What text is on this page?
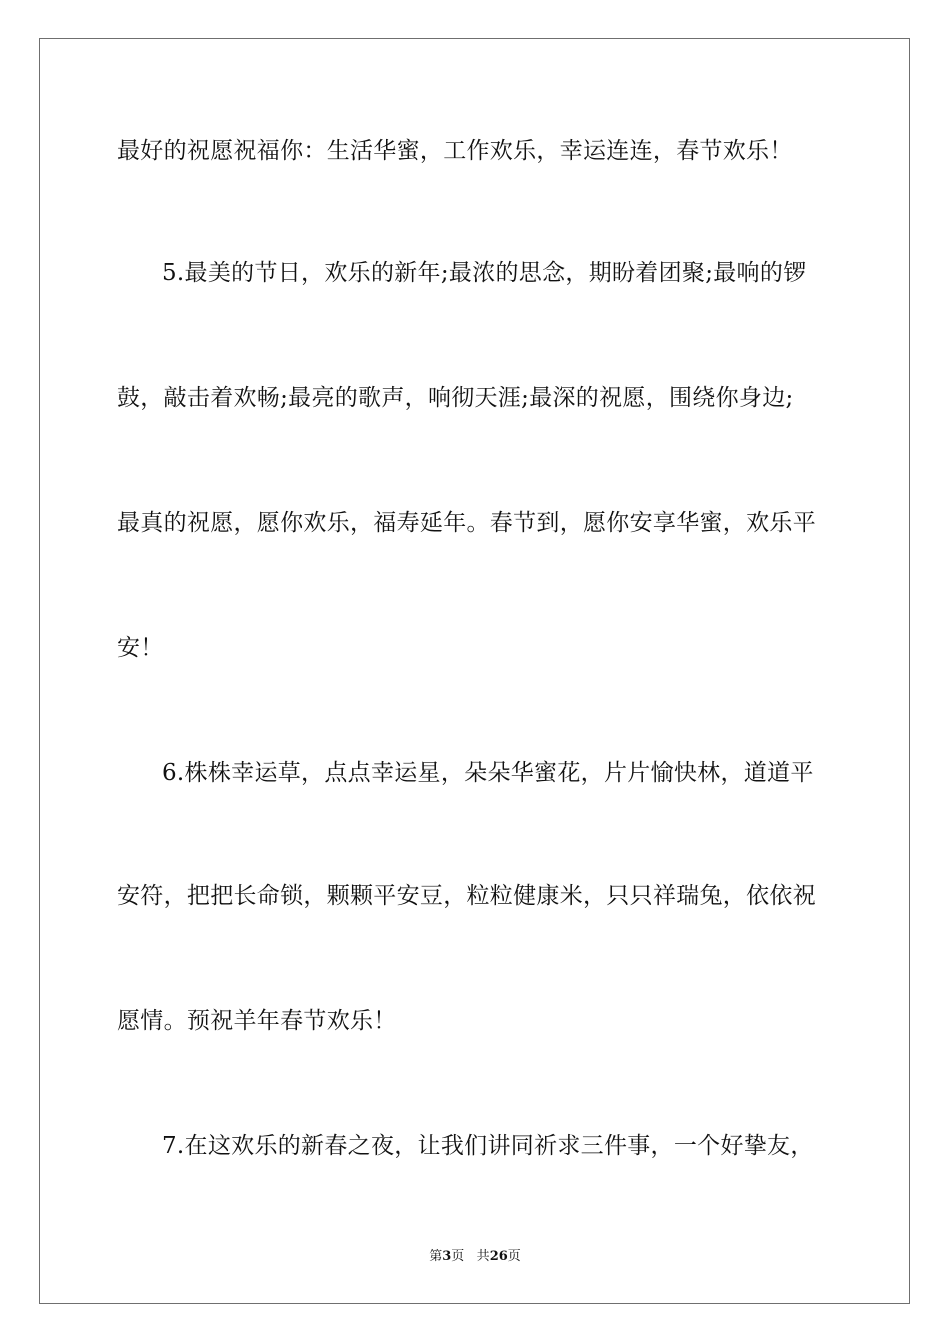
最好的祝愿祝福你：生活华蜜，工作欢乐，幸运连连，春节欢乐！
5.最美的节日，欢乐的新年;最浓的思念，期盼着团聚;最响的锣
鼓，敲击着欢畅;最亮的歌声，响彻天涯;最深的祝愿，围绕你身边;
最真的祝愿，愿你欢乐，福寿延年。春节到，愿你安享华蜜，欢乐平
安！
6.株株幸运草，点点幸运星，朵朵华蜜花，片片愉快林，道道平
安符，把把长命锁，颗颗平安豆，粒粒健康米，只只祥瑞兔，依依祝
愿情。预祝羊年春节欢乐！
7.在这欢乐的新春之夜，让我们讲同祈求三件事，一个好挚友，
第3页 共26页
